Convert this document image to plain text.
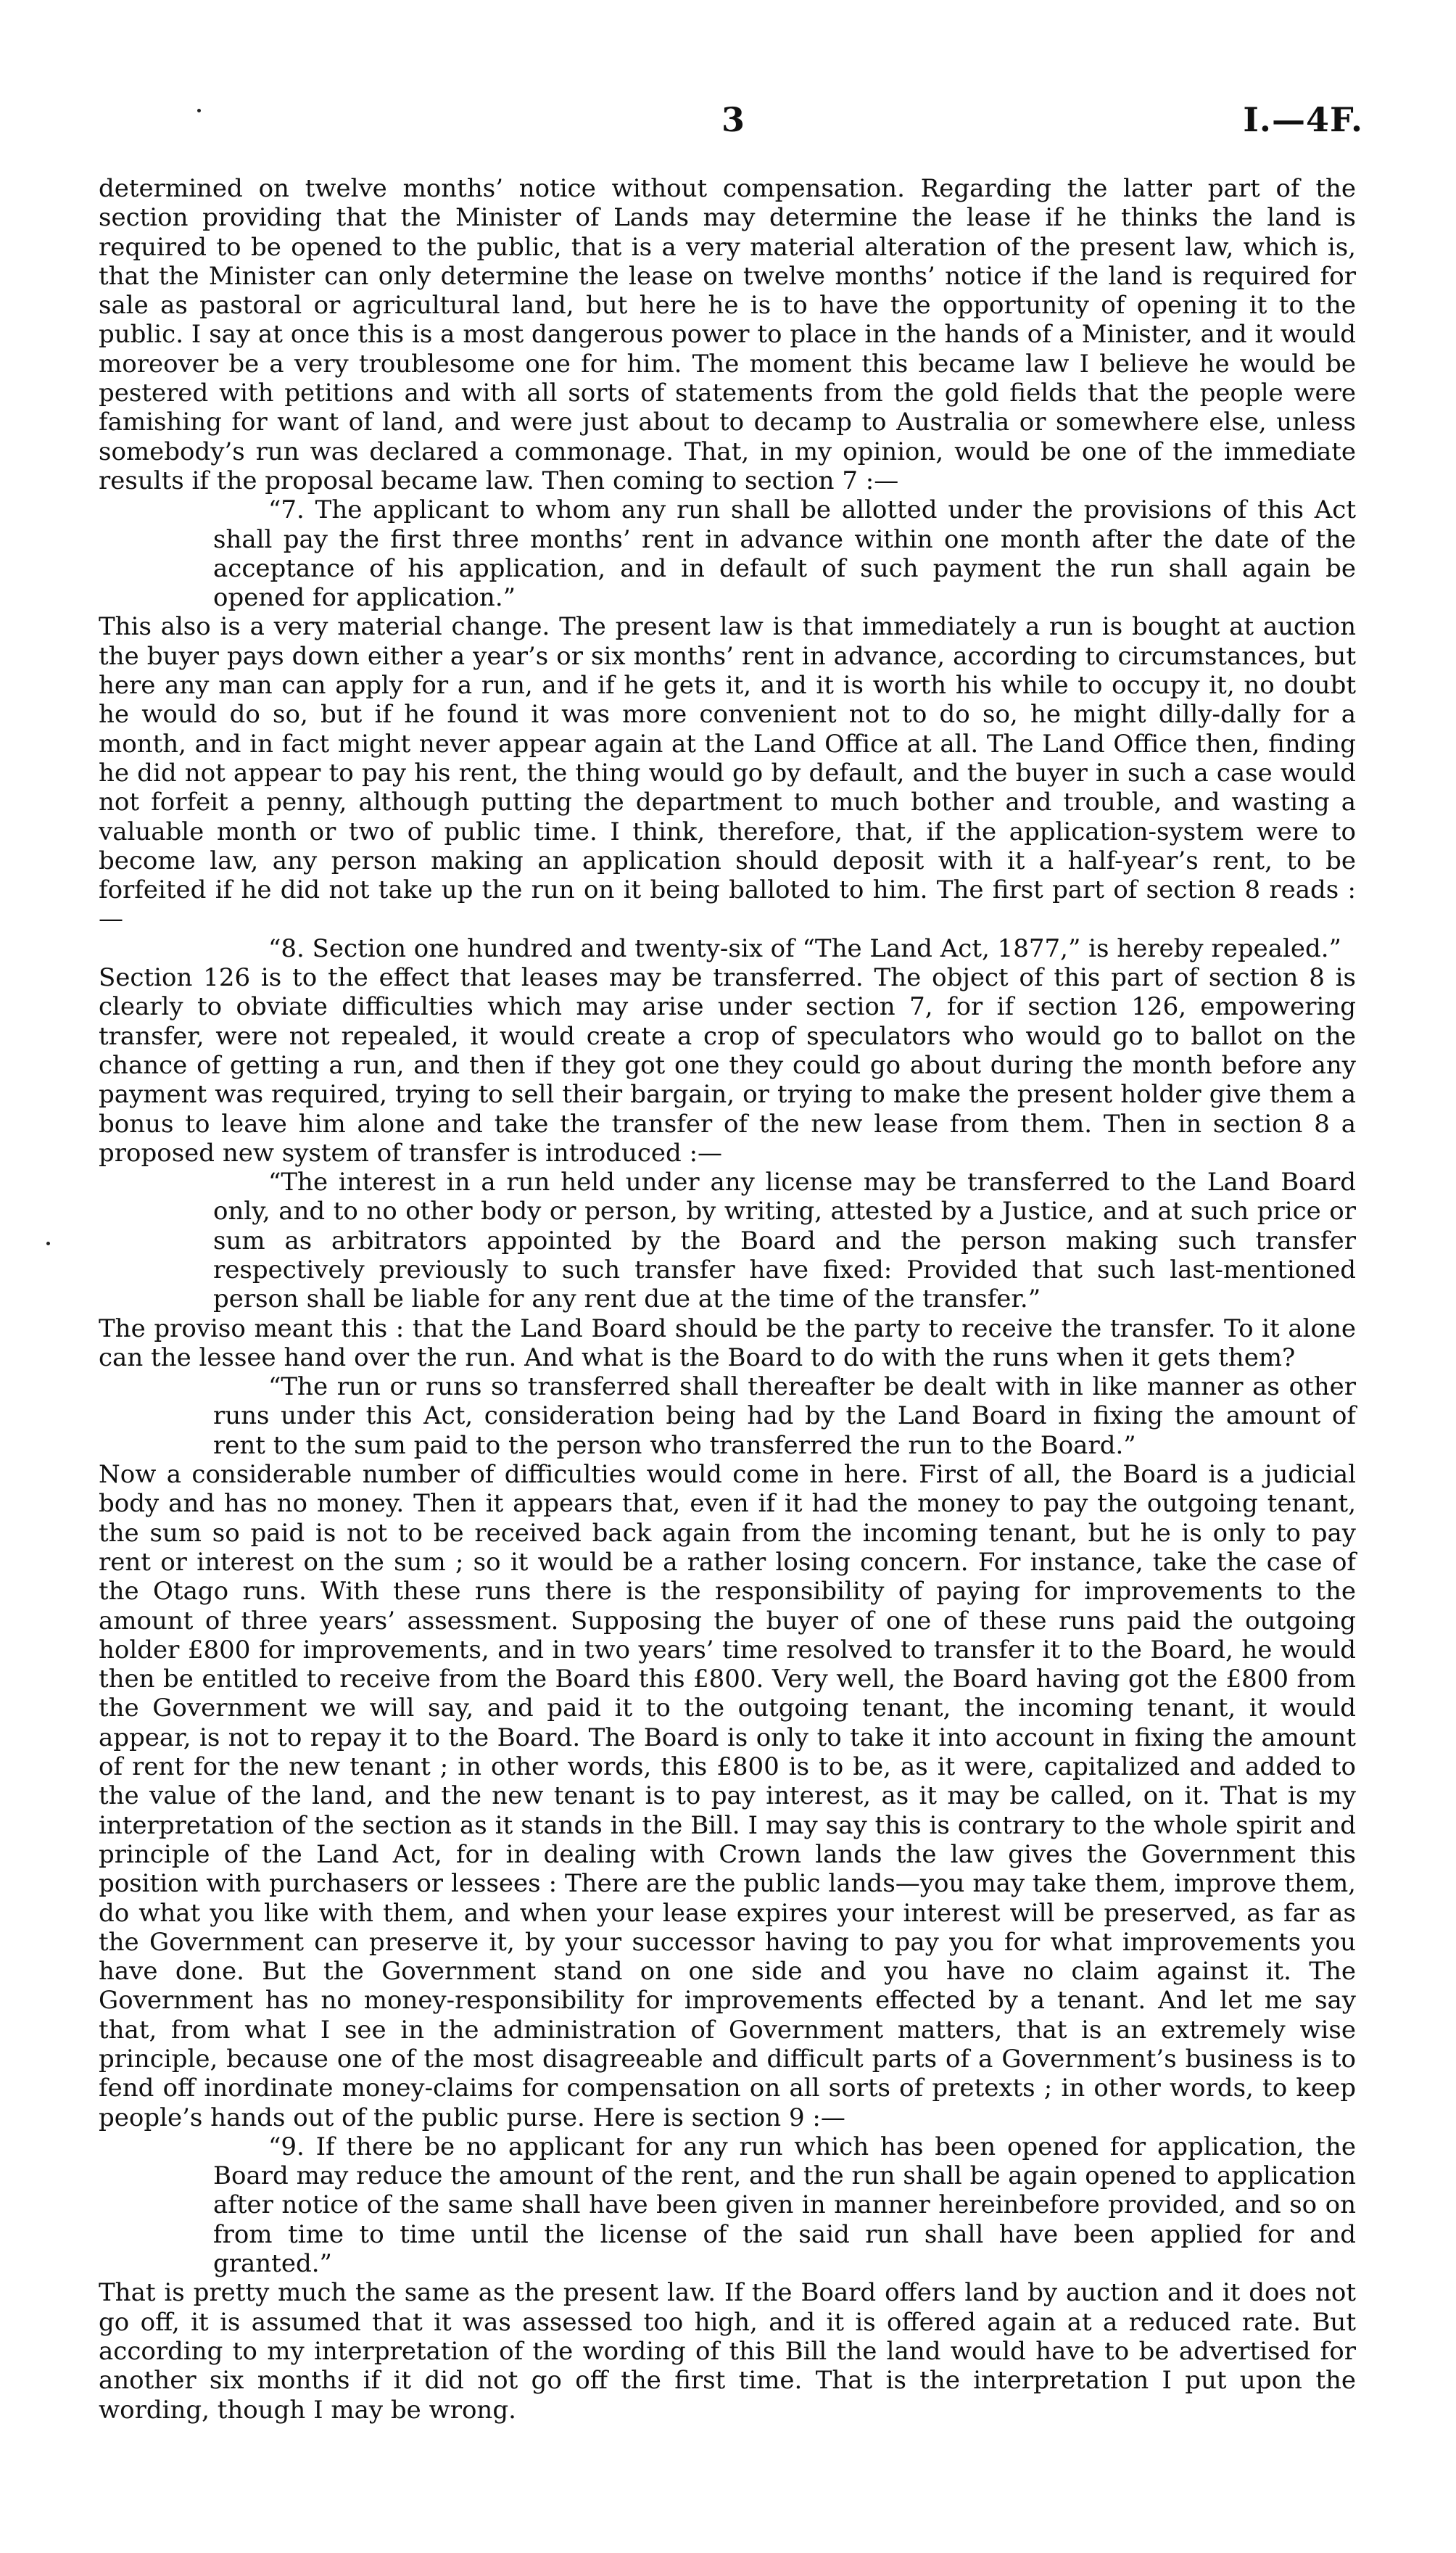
3	I.—4F.

determined on twelve months’ notice without compensation. Regarding the latter part of the section providing that the Minister of Lands may determine the lease if he thinks the land is required to be opened to the public, that is a very material alteration of the present law, which is, that the Minister can only determine the lease on twelve months’ notice if the land is required for sale as pastoral or agricultural land, but here he is to have the opportunity of opening it to the public. I say at once this is a most dangerous power to place in the hands of a Minister, and it would moreover be a very troublesome one for him. The moment this became law I believe he would be pestered with petitions and with all sorts of statements from the gold fields that the people were famishing for want of land, and were just about to decamp to Australia or somewhere else, unless somebody’s run was declared a commonage. That, in my opinion, would be one of the immediate results if the proposal became law. Then coming to section 7 :—

“7. The applicant to whom any run shall be allotted under the provisions of this Act shall pay the first three months’ rent in advance within one month after the date of the acceptance of his application, and in default of such payment the run shall again be opened for application.”

This also is a very material change. The present law is that immediately a run is bought at auction the buyer pays down either a year’s or six months’ rent in advance, according to circumstances, but here any man can apply for a run, and if he gets it, and it is worth his while to occupy it, no doubt he would do so, but if he found it was more convenient not to do so, he might dilly-dally for a month, and in fact might never appear again at the Land Office at all. The Land Office then, finding he did not appear to pay his rent, the thing would go by default, and the buyer in such a case would not forfeit a penny, although putting the department to much bother and trouble, and wasting a valuable month or two of public time. I think, therefore, that, if the application-system were to become law, any person making an application should deposit with it a half-year’s rent, to be forfeited if he did not take up the run on it being balloted to him. The first part of section 8 reads :—

“8. Section one hundred and twenty-six of “The Land Act, 1877,” is hereby repealed.”

Section 126 is to the effect that leases may be transferred. The object of this part of section 8 is clearly to obviate difficulties which may arise under section 7, for if section 126, empowering transfer, were not repealed, it would create a crop of speculators who would go to ballot on the chance of getting a run, and then if they got one they could go about during the month before any payment was required, trying to sell their bargain, or trying to make the present holder give them a bonus to leave him alone and take the transfer of the new lease from them. Then in section 8 a proposed new system of transfer is introduced :—

“The interest in a run held under any license may be transferred to the Land Board only, and to no other body or person, by writing, attested by a Justice, and at such price or sum as arbitrators appointed by the Board and the person making such transfer respectively previously to such transfer have fixed: Provided that such last-mentioned person shall be liable for any rent due at the time of the transfer.”

The proviso meant this : that the Land Board should be the party to receive the transfer. To it alone can the lessee hand over the run. And what is the Board to do with the runs when it gets them?

“The run or runs so transferred shall thereafter be dealt with in like manner as other runs under this Act, consideration being had by the Land Board in fixing the amount of rent to the sum paid to the person who transferred the run to the Board.”

Now a considerable number of difficulties would come in here. First of all, the Board is a judicial body and has no money. Then it appears that, even if it had the money to pay the outgoing tenant, the sum so paid is not to be received back again from the incoming tenant, but he is only to pay rent or interest on the sum ; so it would be a rather losing concern. For instance, take the case of the Otago runs. With these runs there is the responsibility of paying for improvements to the amount of three years’ assessment. Supposing the buyer of one of these runs paid the outgoing holder £800 for improvements, and in two years’ time resolved to transfer it to the Board, he would then be entitled to receive from the Board this £800. Very well, the Board having got the £800 from the Government we will say, and paid it to the outgoing tenant, the incoming tenant, it would appear, is not to repay it to the Board. The Board is only to take it into account in fixing the amount of rent for the new tenant ; in other words, this £800 is to be, as it were, capitalized and added to the value of the land, and the new tenant is to pay interest, as it may be called, on it. That is my interpretation of the section as it stands in the Bill. I may say this is contrary to the whole spirit and principle of the Land Act, for in dealing with Crown lands the law gives the Government this position with purchasers or lessees : There are the public lands—you may take them, improve them, do what you like with them, and when your lease expires your interest will be preserved, as far as the Government can preserve it, by your successor having to pay you for what improvements you have done. But the Government stand on one side and you have no claim against it. The Government has no money-responsibility for improvements effected by a tenant. And let me say that, from what I see in the administration of Government matters, that is an extremely wise principle, because one of the most disagreeable and difficult parts of a Government’s business is to fend off inordinate money-claims for compensation on all sorts of pretexts ; in other words, to keep people’s hands out of the public purse. Here is section 9 :—

“9. If there be no applicant for any run which has been opened for application, the Board may reduce the amount of the rent, and the run shall be again opened to application after notice of the same shall have been given in manner hereinbefore provided, and so on from time to time until the license of the said run shall have been applied for and granted.”

That is pretty much the same as the present law. If the Board offers land by auction and it does not go off, it is assumed that it was assessed too high, and it is offered again at a reduced rate. But according to my interpretation of the wording of this Bill the land would have to be advertised for another six months if it did not go off the first time. That is the interpretation I put upon the wording, though I may be wrong.
